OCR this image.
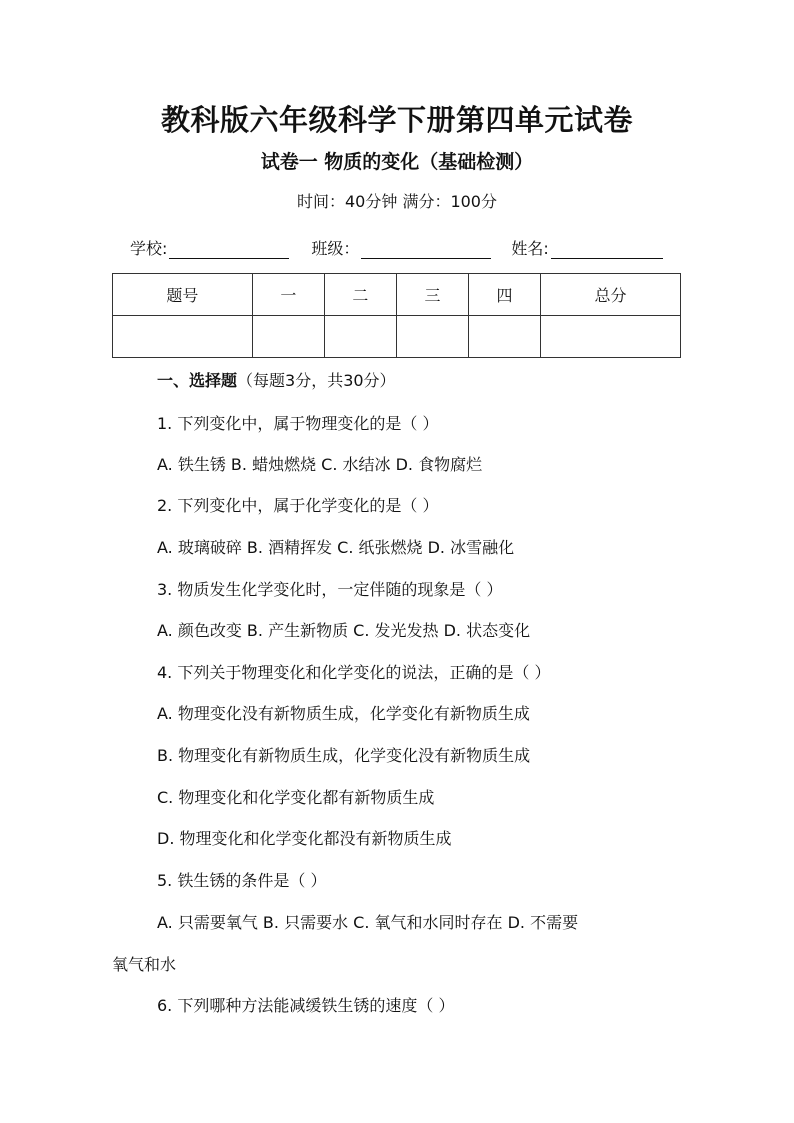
教科版六年级科学下册第四单元试卷
试卷一 物质的变化（基础检测）
时间：40分钟 满分：100分
学校:	班级：	姓名:
题号	一	二	三	四	总分

一、选择题（每题3分，共30分）
1. 下列变化中，属于物理变化的是（ ）
A. 铁生锈 B. 蜡烛燃烧 C. 水结冰 D. 食物腐烂
2. 下列变化中，属于化学变化的是（ ）
A. 玻璃破碎 B. 酒精挥发 C. 纸张燃烧 D. 冰雪融化
3. 物质发生化学变化时，一定伴随的现象是（ ）
A. 颜色改变 B. 产生新物质 C. 发光发热 D. 状态变化
4. 下列关于物理变化和化学变化的说法，正确的是（ ）
A. 物理变化没有新物质生成，化学变化有新物质生成
B. 物理变化有新物质生成，化学变化没有新物质生成
C. 物理变化和化学变化都有新物质生成
D. 物理变化和化学变化都没有新物质生成
5. 铁生锈的条件是（ ）
A. 只需要氧气 B. 只需要水 C. 氧气和水同时存在 D. 不需要
氧气和水
6. 下列哪种方法能减缓铁生锈的速度（ ）
